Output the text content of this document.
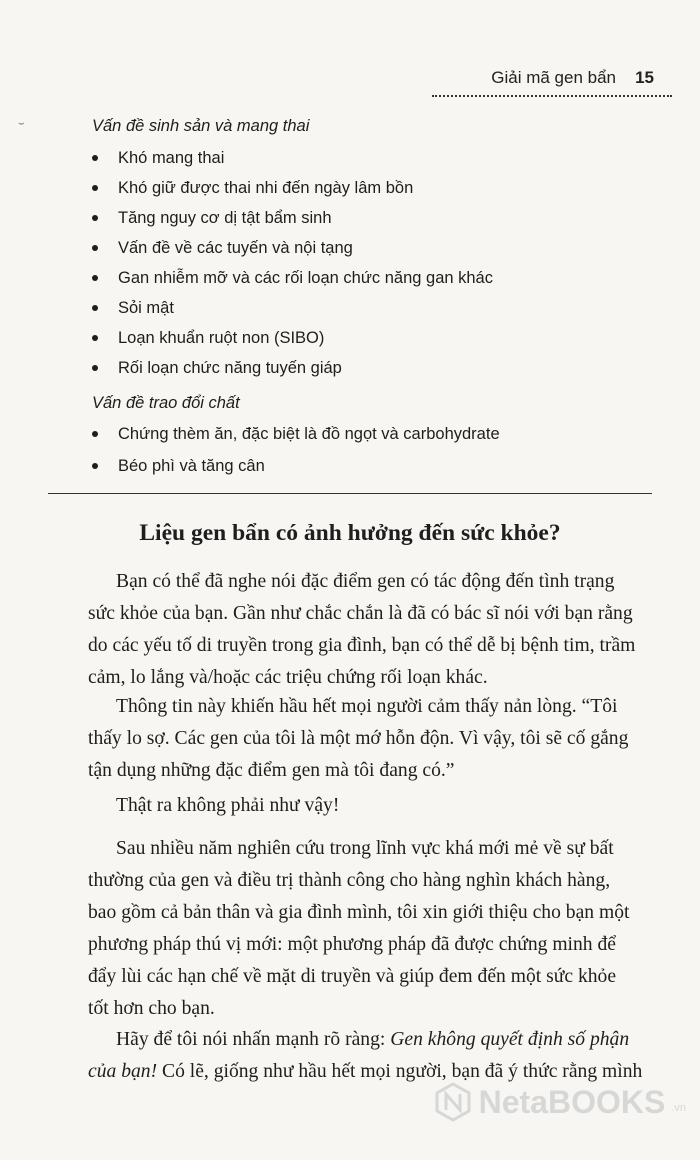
Giải mã gen bẩn 15
⌣	Vấn đề sinh sản và mang thai
Khó mang thai
Khó giữ được thai nhi đến ngày lâm bồn
Tăng nguy cơ dị tật bẩm sinh
Vấn đề về các tuyến và nội tạng
Gan nhiễm mỡ và các rối loạn chức năng gan khác
Sỏi mật
Loạn khuẩn ruột non (SIBO)
Rối loạn chức năng tuyến giáp
Vấn đề trao đổi chất
Chứng thèm ăn, đặc biệt là đồ ngọt và carbohydrate
Béo phì và tăng cân
Liệu gen bẩn có ảnh hưởng đến sức khỏe?

Bạn có thể đã nghe nói đặc điểm gen có tác động đến tình trạng
sức khỏe của bạn. Gần như chắc chắn là đã có bác sĩ nói với bạn rằng
do các yếu tố di truyền trong gia đình, bạn có thể dễ bị bệnh tim, trầm
cảm, lo lắng và/hoặc các triệu chứng rối loạn khác.

Thông tin này khiến hầu hết mọi người cảm thấy nản lòng. “Tôi
thấy lo sợ. Các gen của tôi là một mớ hỗn độn. Vì vậy, tôi sẽ cố gắng
tận dụng những đặc điểm gen mà tôi đang có.”

Thật ra không phải như vậy!

Sau nhiều năm nghiên cứu trong lĩnh vực khá mới mẻ về sự bất
thường của gen và điều trị thành công cho hàng nghìn khách hàng,
bao gồm cả bản thân và gia đình mình, tôi xin giới thiệu cho bạn một
phương pháp thú vị mới: một phương pháp đã được chứng minh để
đẩy lùi các hạn chế về mặt di truyền và giúp đem đến một sức khỏe
tốt hơn cho bạn.

Hãy để tôi nói nhấn mạnh rõ ràng: Gen không quyết định số phận
của bạn! Có lẽ, giống như hầu hết mọi người, bạn đã ý thức rằng mình

NetaBOOKS .vn
